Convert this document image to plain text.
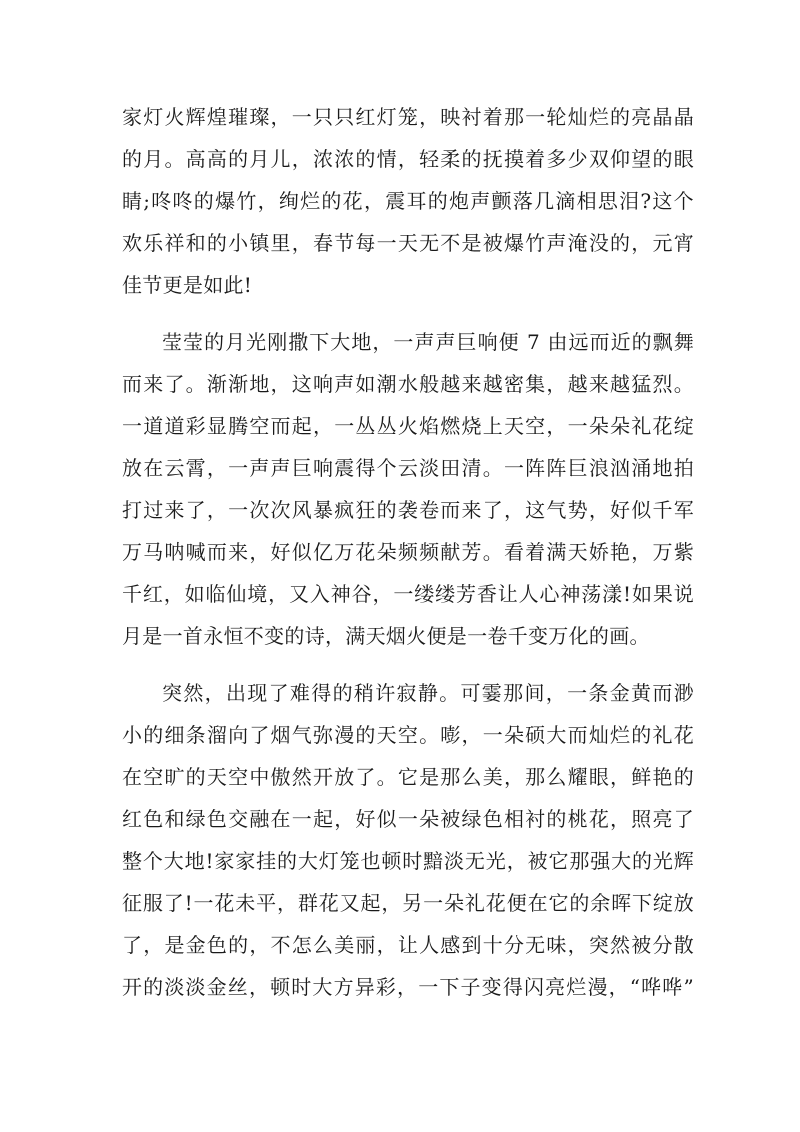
家灯火辉煌璀璨，一只只红灯笼，映衬着那一轮灿烂的亮晶晶
的月。高高的月儿，浓浓的情，轻柔的抚摸着多少双仰望的眼
睛;咚咚的爆竹，绚烂的花，震耳的炮声颤落几滴相思泪?这个
欢乐祥和的小镇里，春节每一天无不是被爆竹声淹没的，元宵
佳节更是如此!

莹莹的月光刚撒下大地，一声声巨响便 7 由远而近的飘舞
而来了。渐渐地，这响声如潮水般越来越密集，越来越猛烈。
一道道彩显腾空而起，一丛丛火焰燃烧上天空，一朵朵礼花绽
放在云霄，一声声巨响震得个云淡田清。一阵阵巨浪汹涌地拍
打过来了，一次次风暴疯狂的袭卷而来了，这气势，好似千军
万马呐喊而来，好似亿万花朵频频献芳。看着满天娇艳，万紫
千红，如临仙境，又入神谷，一缕缕芳香让人心神荡漾!如果说
月是一首永恒不变的诗，满天烟火便是一卷千变万化的画。

突然，出现了难得的稍许寂静。可霎那间，一条金黄而渺
小的细条溜向了烟气弥漫的天空。嘭，一朵硕大而灿烂的礼花
在空旷的天空中傲然开放了。它是那么美，那么耀眼，鲜艳的
红色和绿色交融在一起，好似一朵被绿色相衬的桃花，照亮了
整个大地!家家挂的大灯笼也顿时黯淡无光，被它那强大的光辉
征服了!一花未平，群花又起，另一朵礼花便在它的余晖下绽放
了，是金色的，不怎么美丽，让人感到十分无味，突然被分散
开的淡淡金丝，顿时大方异彩，一下子变得闪亮烂漫，“哗哗”
